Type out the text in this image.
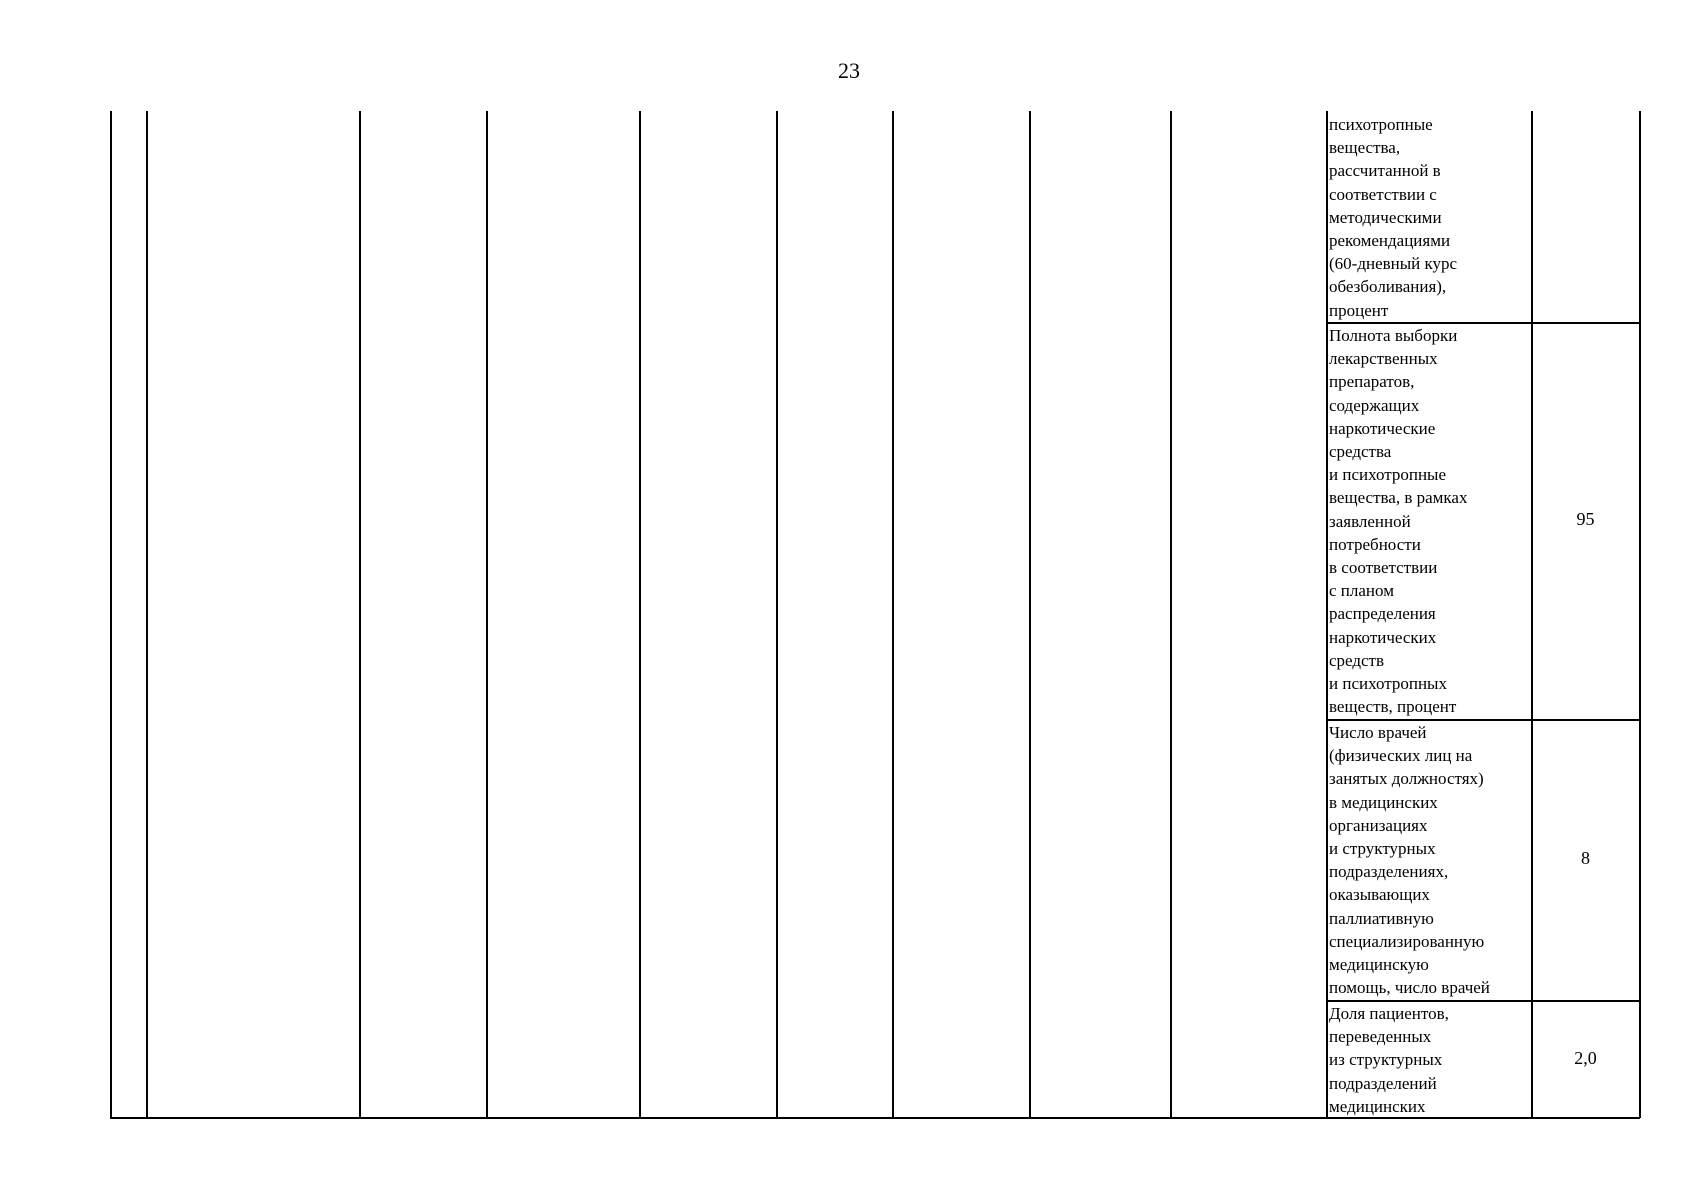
23
психотропные
вещества,
рассчитанной в
соответствии с
методическими
рекомендациями
(60-дневный курс
обезболивания),
процент
Полнота выборки
лекарственных
препаратов,
содержащих
наркотические
средства
и психотропные
вещества, в рамках
заявленной
потребности
в соответствии
с планом
распределения
наркотических
средств
и психотропных
веществ, процент
95
Число врачей
(физических лиц на
занятых должностях)
в медицинских
организациях
и структурных
подразделениях,
оказывающих
паллиативную
специализированную
медицинскую
помощь, число врачей
8
Доля пациентов,
переведенных
из структурных
подразделений
медицинских
2,0
